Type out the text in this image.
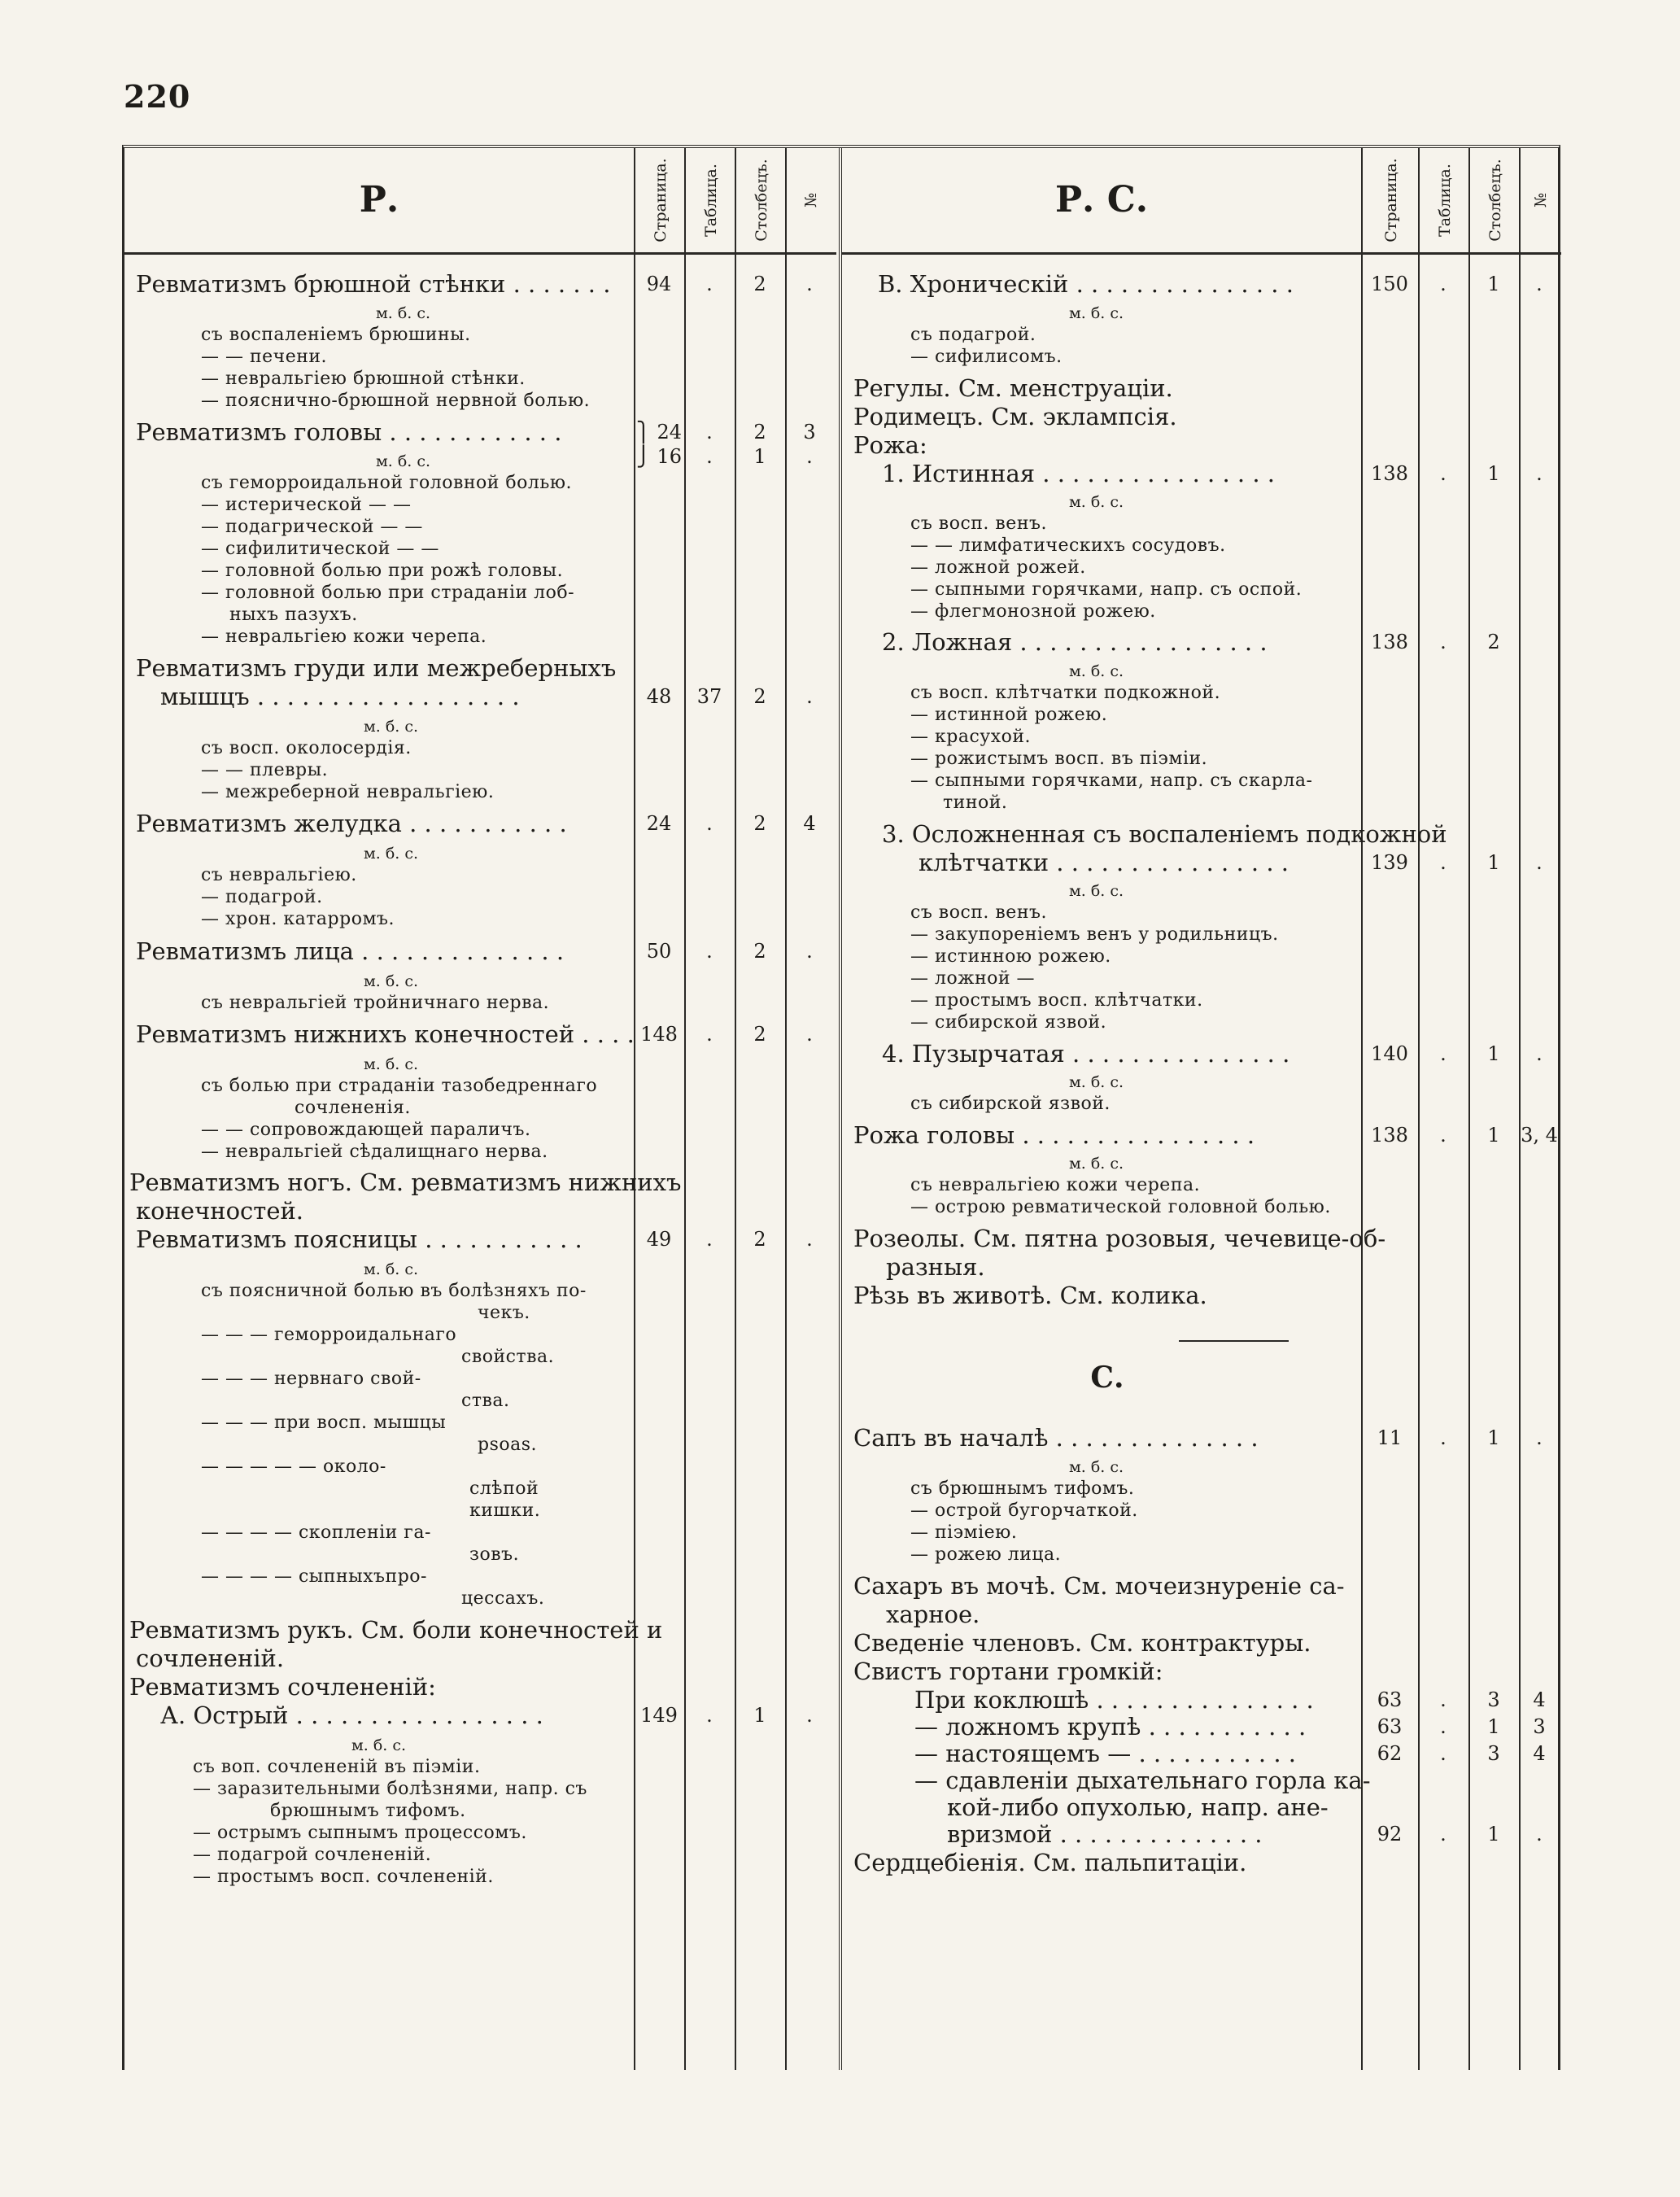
220
Р.	Страница. Таблица. Столбецъ. №
Ревматизмъ брюшной стѣнки . . . . . . .	94	.	2	.
м. б. с.
съ воспаленіемъ брюшины.
— — печени.
— невральгіею брюшной стѣнки.
— поясничнo-брюшной нервной болью.
Ревматизмъ головы . . . . . . . . . . . .	⎫ 24	.	2	3
⎭ 16	.	1	.
м. б. с.
съ геморроидальной головной болью.
— истерической — —
— подагрической — —
— сифилитической — —
— головной болью при рожѣ головы.
— головной болью при страданіи лоб-
ныхъ пазухъ.
— невральгіею кожи черепа.
Ревматизмъ груди или межреберныхъ
мышцъ . . . . . . . . . . . . . . . . . .	48	37	2	.
м. б. с.
съ восп. околосердія.
— — плевры.
— межреберной невральгіею.
Ревматизмъ желудка . . . . . . . . . . .	24	.	2	4
м. б. с.
съ невральгіею.
— подагрой.
— хрон. катарромъ.
Ревматизмъ лица . . . . . . . . . . . . . .	50	.	2	.
м. б. с.
съ невральгіей тройничнаго нерва.
Ревматизмъ нижнихъ конечностей . . . . 148	.	2	.
м. б. с.
съ болью при страданіи тазобедреннаго
сочлененія.
— — сопровождающей параличъ.
— невральгіей сѣдалищнаго нерва.
Ревматизмъ ногъ. См. ревматизмъ нижнихъ
конечностей.
Ревматизмъ поясницы . . . . . . . . . . .	49	.	2	.
м. б. с.
съ поясничной болью въ болѣзняхъ по-
чекъ.
— — — геморроидальнаго
свойства.
— — — нервнаго свой-
ства.
— — — при восп. мышцы
psoas.
— — — — — около-
слѣпой
кишки.
— — — — скопленіи га-
зовъ.
— — — — сыпныхъпро-
цессахъ.
Ревматизмъ рукъ. См. боли конечностей и
сочлененій.
Ревматизмъ сочлененій:
А. Острый . . . . . . . . . . . . . . . . .	149	.	1	.
м. б. с.
съ воп. сочлененій въ піэміи.
— заразительными болѣзнями, напр. съ
брюшнымъ тифомъ.
— острымъ сыпнымъ процессомъ.
— подагрой сочлененій.
— простымъ восп. сочлененій.
Р. С.	Страница. Таблица. Столбецъ. №
С.
В. Хроническій . . . . . . . . . . . . . . .	150	.	1	.
м. б. с.
съ подагрой.
— сифилисомъ.
Регулы. См. менструаціи.
Родимецъ. См. эклампсія.
Рожа:
1. Истинная . . . . . . . . . . . . . . . .	138	.	1	.
м. б. с.
съ восп. венъ.
— — лимфатическихъ сосудовъ.
— ложной рожей.
— сыпными горячками, напр. съ оспой.
— флегмонозной рожею.
2. Ложная . . . . . . . . . . . . . . . . .	138	.	2
м. б. с.
съ восп. клѣтчатки подкожной.
— истинной рожею.
— красухой.
— рожистымъ восп. въ піэміи.
— сыпными горячками, напр. съ скарла-
тиной.
3. Осложненная съ воспаленіемъ подкожной
клѣтчатки . . . . . . . . . . . . . . . .	139	.	1	.
м. б. с.
съ восп. венъ.
— закупореніемъ венъ у родильницъ.
— истинною рожею.
— ложной —
— простымъ восп. клѣтчатки.
— сибирской язвой.
4. Пузырчатая . . . . . . . . . . . . . . .	140	.	1	.
м. б. с.
съ сибирской язвой.
Рожа головы . . . . . . . . . . . . . . . .	138	.	1	3, 4
м. б. с.
съ невральгіею кожи черепа.
— острою ревматической головной болью.
Розеолы. См. пятна розовыя, чечевице-об-
разныя.
Рѣзь въ животѣ. См. колика.
Сапъ въ началѣ . . . . . . . . . . . . . .	11	.	1	.
м. б. с.
съ брюшнымъ тифомъ.
— острой бугорчаткой.
— піэміею.
— рожею лица.
Сахаръ въ мочѣ. См. мочеизнуреніе са-
харное.
Сведеніе членовъ. См. контрактуры.
Свистъ гортани громкій:
При коклюшѣ . . . . . . . . . . . . . . .	63	.	3	4
— ложномъ крупѣ . . . . . . . . . . .	63	.	1	3
— настоящемъ — . . . . . . . . . . .	62	.	3	4
— сдавленіи дыхательнаго горла ка-
кой-либо опухолью, напр. ане-
вризмой . . . . . . . . . . . . . .	92	.	1	.
Сердцебіенія. См. пальпитаціи.
